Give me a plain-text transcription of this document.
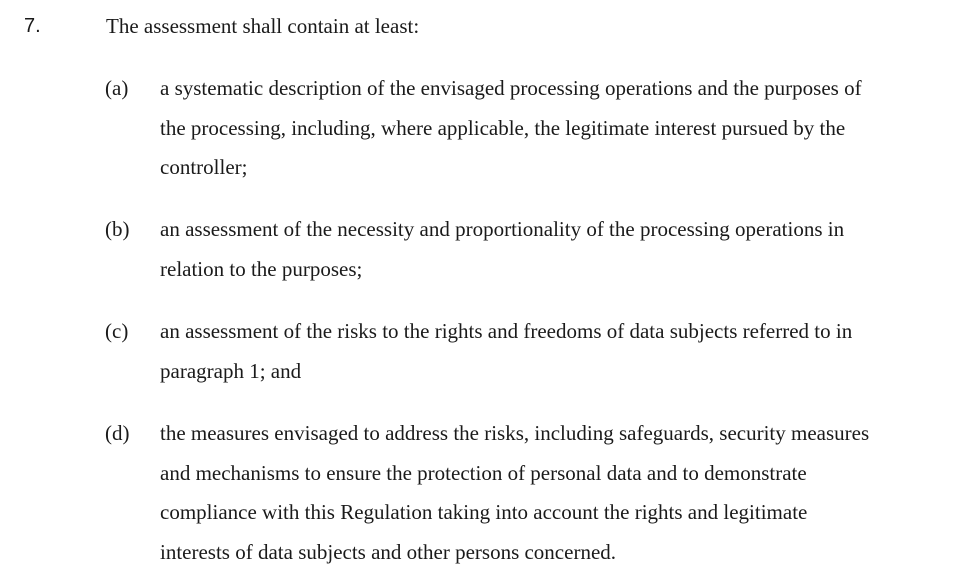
7.	The assessment shall contain at least:
(a) a systematic description of the envisaged processing operations and the purposes of
the processing, including, where applicable, the legitimate interest pursued by the
controller;
(b) an assessment of the necessity and proportionality of the processing operations in
relation to the purposes;
(c) an assessment of the risks to the rights and freedoms of data subjects referred to in
paragraph 1; and
(d) the measures envisaged to address the risks, including safeguards, security measures
and mechanisms to ensure the protection of personal data and to demonstrate
compliance with this Regulation taking into account the rights and legitimate
interests of data subjects and other persons concerned.
